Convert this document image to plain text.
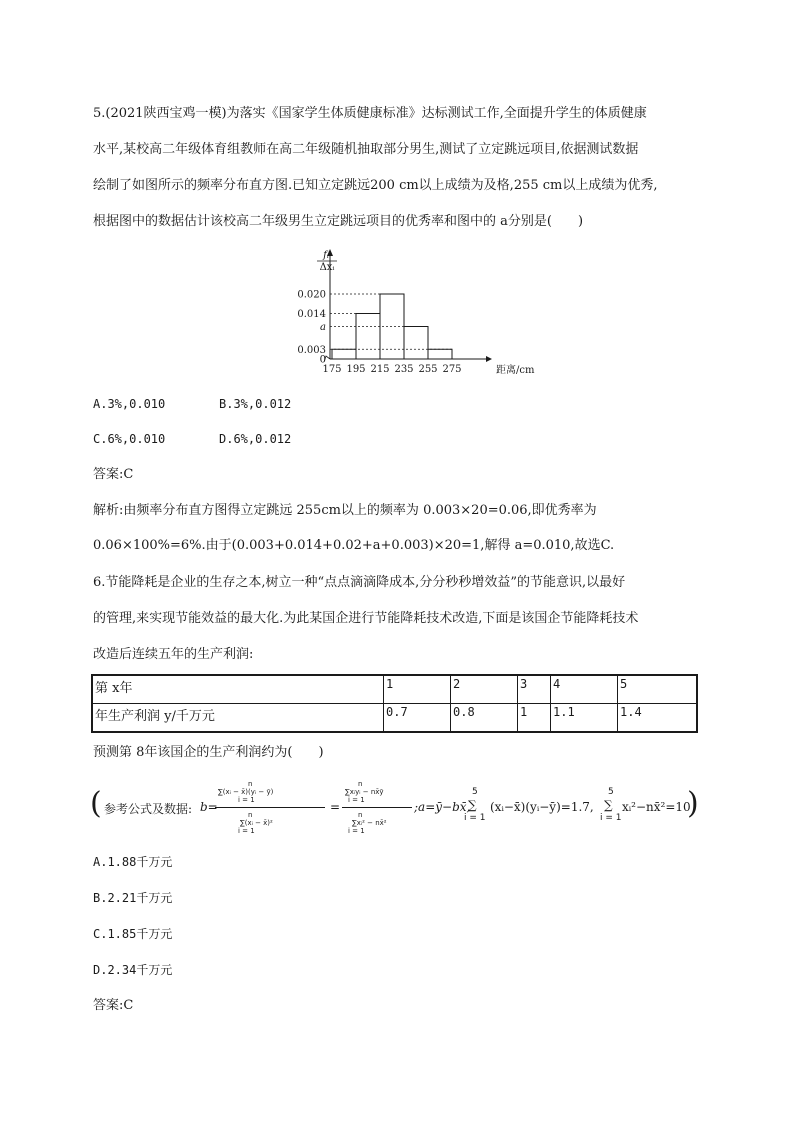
5.(2021陕西宝鸡一模)为落实《国家学生体质健康标准》达标测试工作,全面提升学生的体质健康
水平,某校高二年级体育组教师在高二年级随机抽取部分男生,测试了立定跳远项目,依据测试数据
绘制了如图所示的频率分布直方图.已知立定跳远200 cm以上成绩为及格,255 cm以上成绩为优秀,
根据图中的数据估计该校高二年级男生立定跳远项目的优秀率和图中的 a分别是(　　)
0.020
0.014
a
0.003
0
175 195 215 235 255 275	距离/cm
fᵢ
Δxᵢ
A.3%,0.010	B.3%,0.012
C.6%,0.010	D.6%,0.012
答案:C
解析:由频率分布直方图得立定跳远 255cm以上的频率为 0.003×20=0.06,即优秀率为
0.06×100%=6%.由于(0.003+0.014+0.02+a+0.003)×20=1,解得 a=0.010,故选C.
6.节能降耗是企业的生存之本,树立一种“点点滴滴降成本,分分秒秒增效益”的节能意识,以最好
的管理,来实现节能效益的最大化.为此某国企进行节能降耗技术改造,下面是该国企节能降耗技术
改造后连续五年的生产利润:
第 x年	1	2	3	4	5
年生产利润 y/千万元	0.7	0.8	1	1.1	1.4
预测第 8年该国企的生产利润约为(　　)
( 参考公式及数据: b=
n
∑(xᵢ − x̄)(yᵢ − ȳ)
i = 1
n
∑(xᵢ − x̄)²
i = 1
=
n
∑xᵢyᵢ − nx̄ȳ
i = 1
n
∑xᵢ² − nx̄²
i = 1
;a=ȳ−bx̄,
5
∑
i = 1
(xᵢ−x̄)(yᵢ−ȳ)=1.7,
5
∑
i = 1
xᵢ²−nx̄²=10
)
A.1.88千万元
B.2.21千万元
C.1.85千万元
D.2.34千万元
答案:C
